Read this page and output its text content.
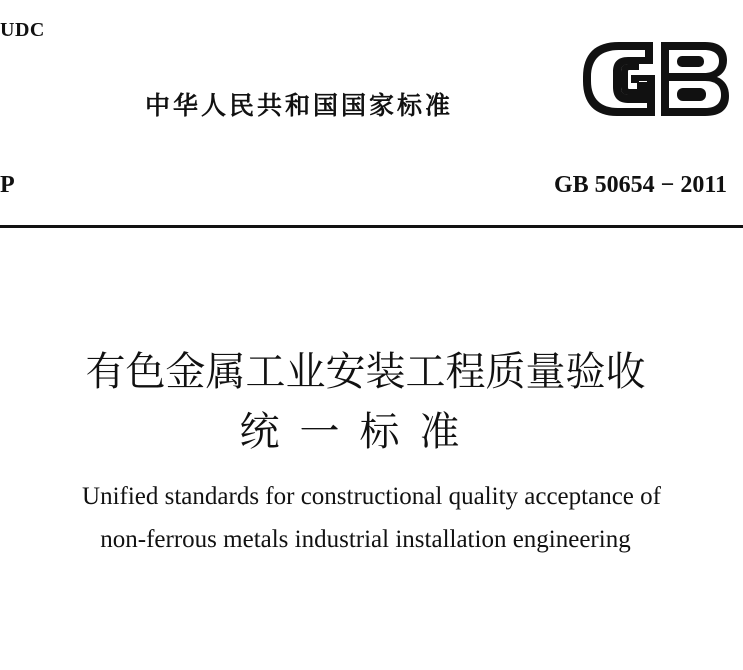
UDC
中华人民共和国国家标准
P	GB 50654 − 2011
有色金属工业安装工程质量验收
统一标准
Unified standards for constructional quality acceptance of
non-ferrous metals industrial installation engineering
